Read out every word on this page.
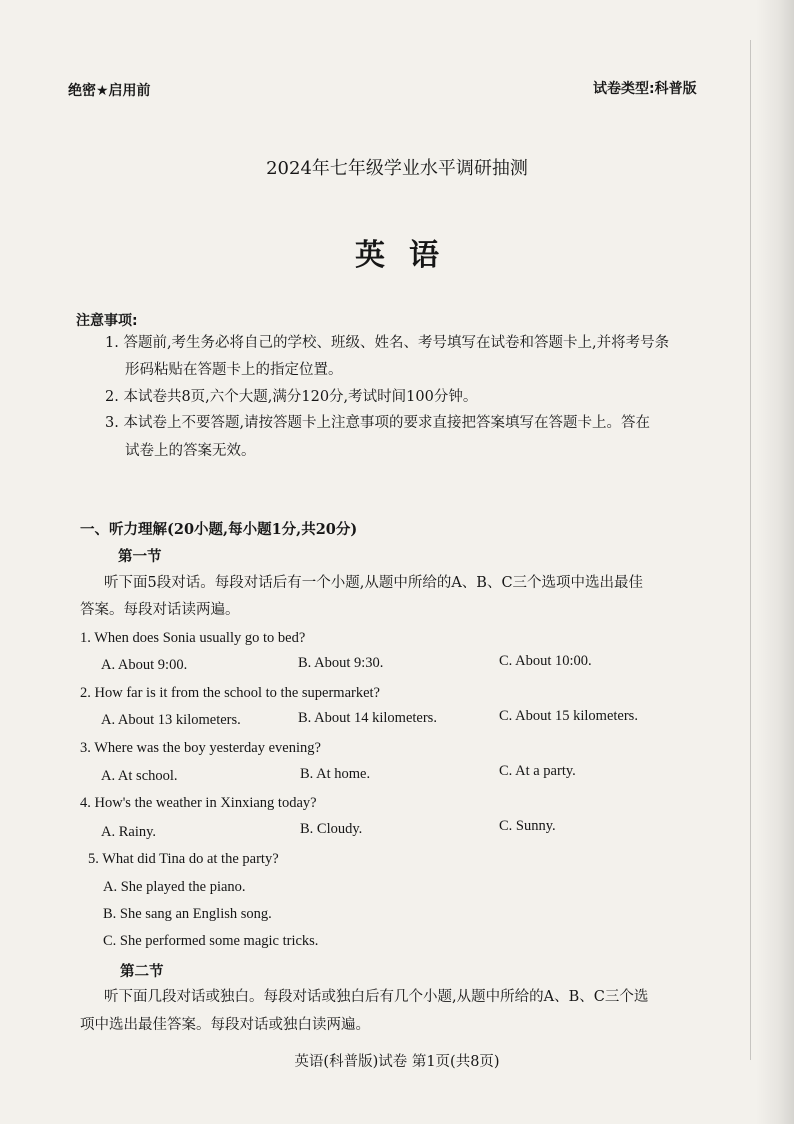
绝密★启用前	试卷类型:科普版
2024年七年级学业水平调研抽测
英语
注意事项:
1. 答题前,考生务必将自己的学校、班级、姓名、考号填写在试卷和答题卡上,并将考号条
形码粘贴在答题卡上的指定位置。
2. 本试卷共8页,六个大题,满分120分,考试时间100分钟。
3. 本试卷上不要答题,请按答题卡上注意事项的要求直接把答案填写在答题卡上。答在
试卷上的答案无效。
一、听力理解(20小题,每小题1分,共20分)
第一节
听下面5段对话。每段对话后有一个小题,从题中所给的A、B、C三个选项中选出最佳
答案。每段对话读两遍。
1. When does Sonia usually go to bed?
A. About 9:00.	B. About 9:30.	C. About 10:00.
2. How far is it from the school to the supermarket?
A. About 13 kilometers.	B. About 14 kilometers.	C. About 15 kilometers.
3. Where was the boy yesterday evening?
A. At school.	B. At home.	C. At a party.
4. How's the weather in Xinxiang today?
A. Rainy.	B. Cloudy.	C. Sunny.
5. What did Tina do at the party?
A. She played the piano.
B. She sang an English song.
C. She performed some magic tricks.
第二节
听下面几段对话或独白。每段对话或独白后有几个小题,从题中所给的A、B、C三个选
项中选出最佳答案。每段对话或独白读两遍。
英语(科普版)试卷 第1页(共8页)
